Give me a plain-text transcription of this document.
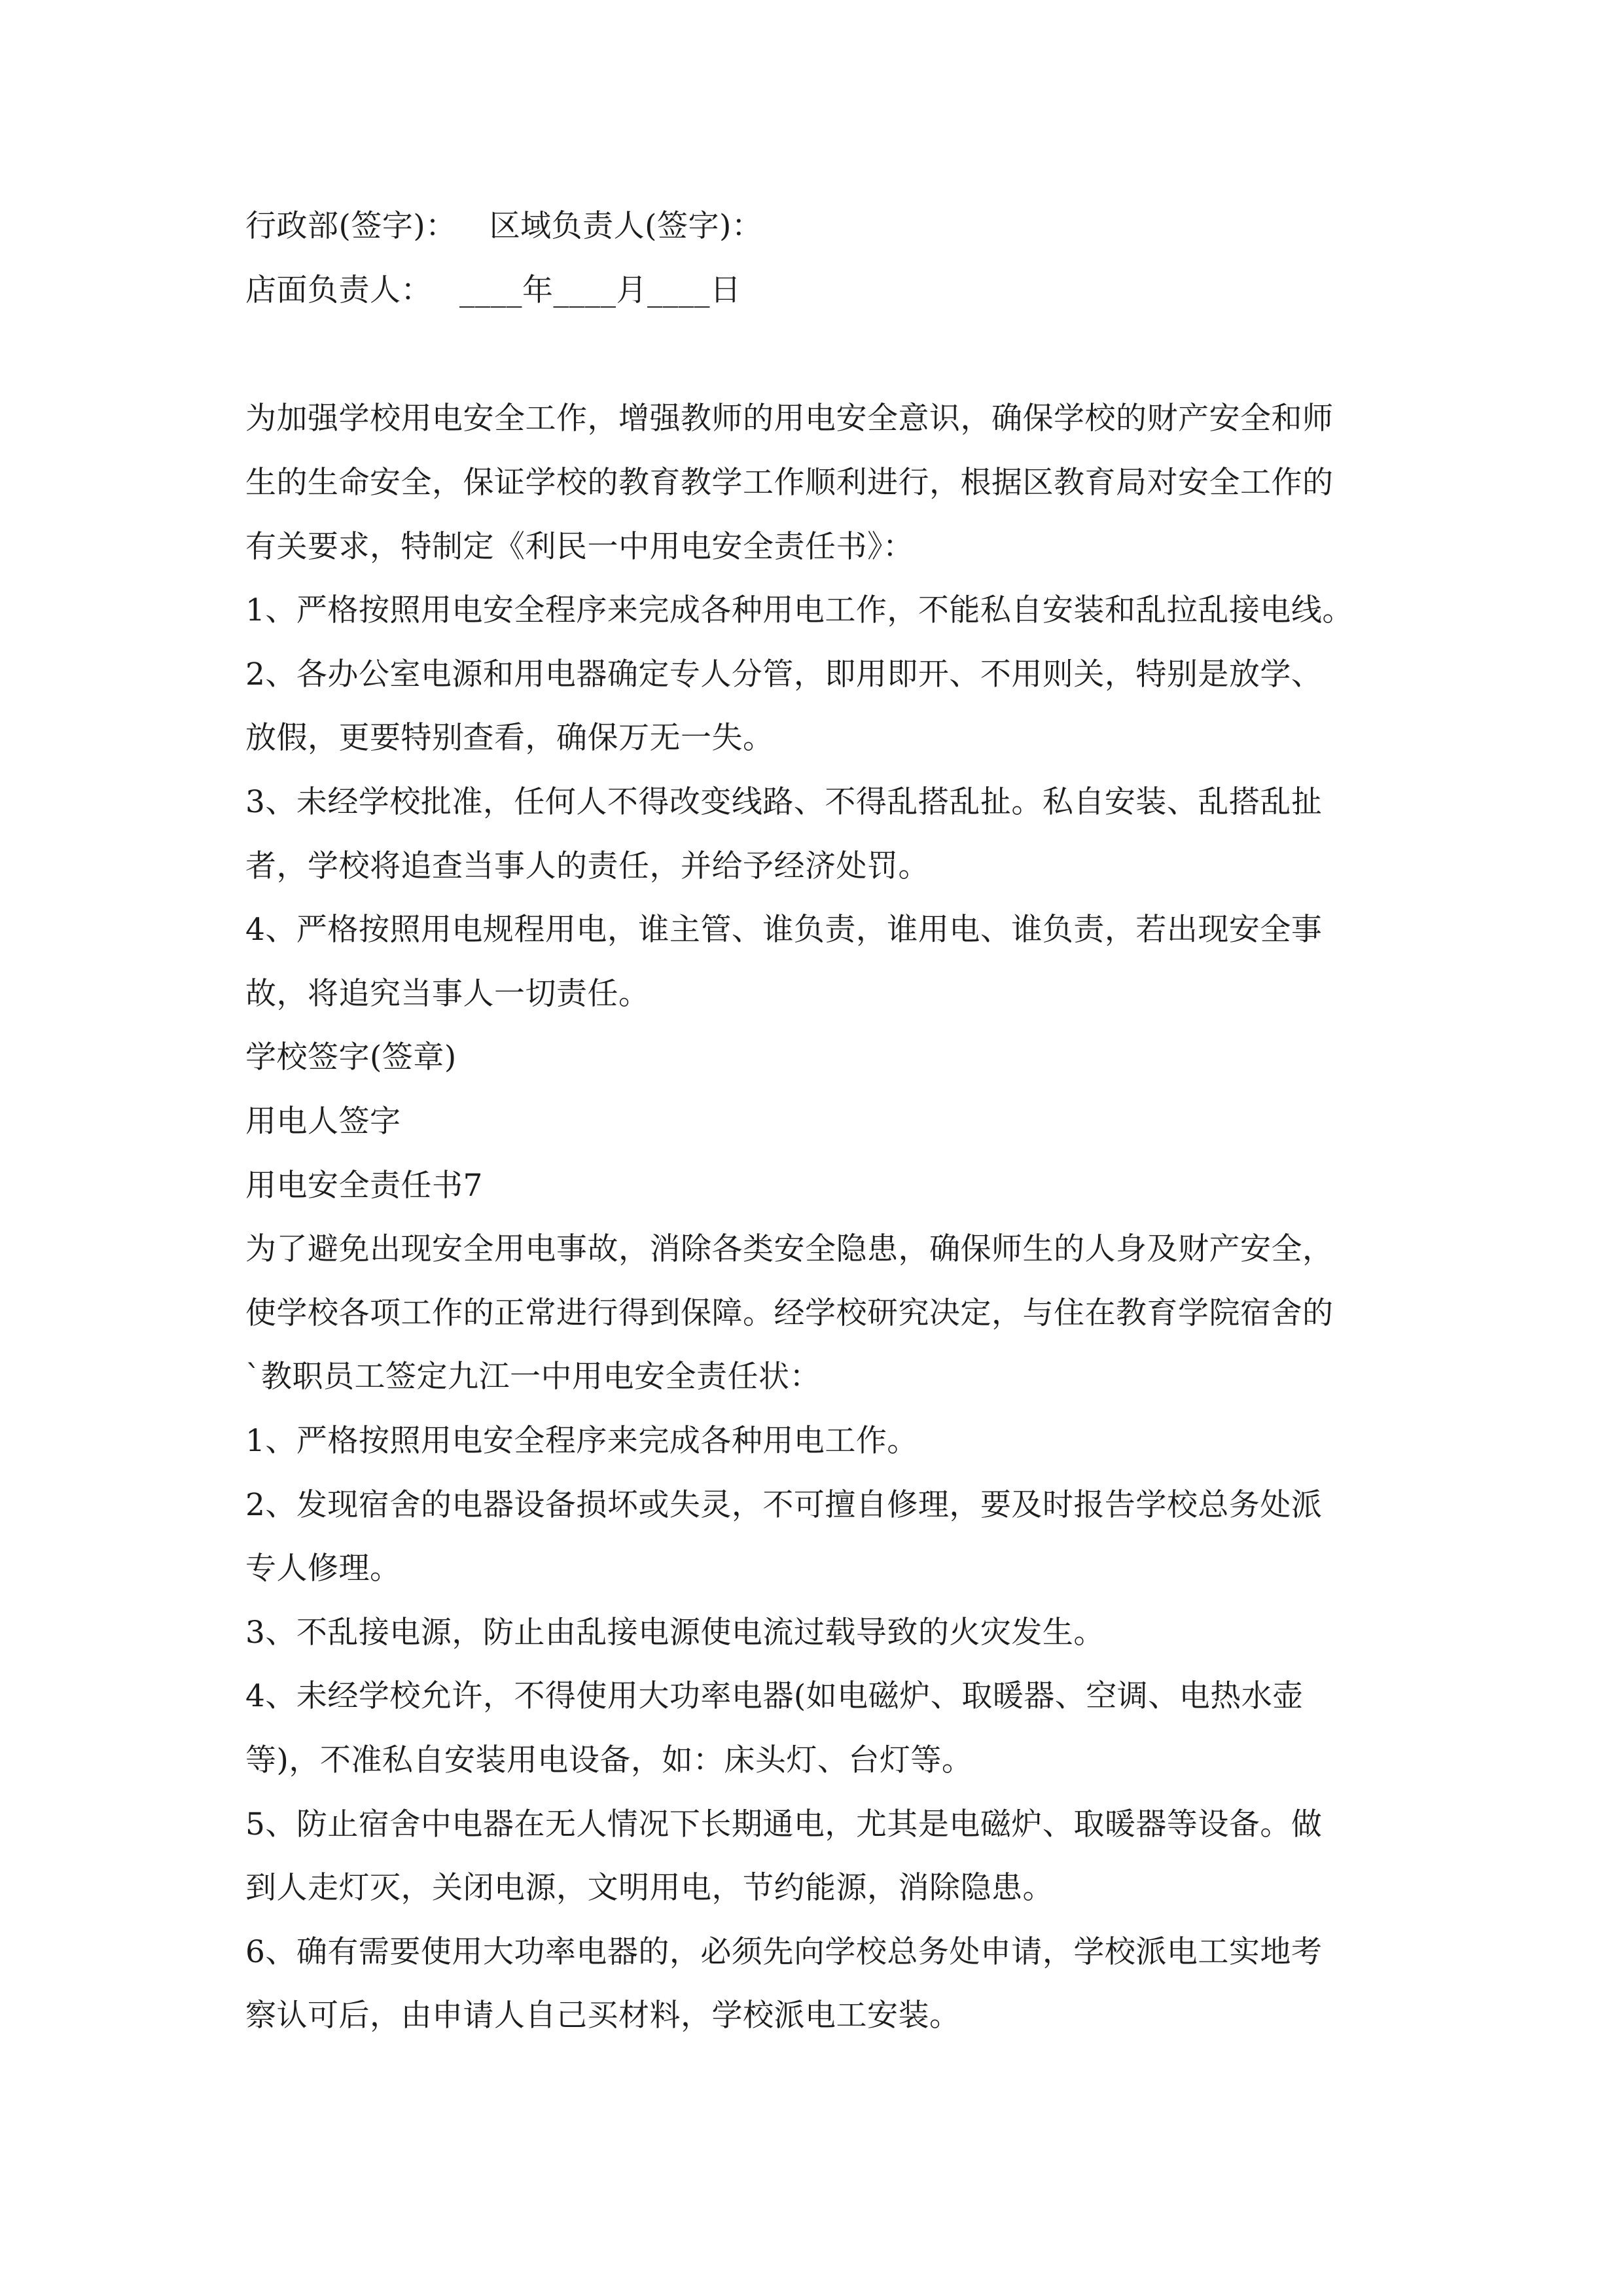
行政部(签字)： 区域负责人(签字)：

店面负责人： ____年____月____日

为加强学校用电安全工作，增强教师的用电安全意识，确保学校的财产安全和师

生的生命安全，保证学校的教育教学工作顺利进行，根据区教育局对安全工作的

有关要求，特制定《利民一中用电安全责任书》：

1、严格按照用电安全程序来完成各种用电工作，不能私自安装和乱拉乱接电线。

2、各办公室电源和用电器确定专人分管，即用即开、不用则关，特别是放学、

放假，更要特别查看，确保万无一失。

3、未经学校批准，任何人不得改变线路、不得乱搭乱扯。私自安装、乱搭乱扯

者，学校将追查当事人的责任，并给予经济处罚。

4、严格按照用电规程用电，谁主管、谁负责，谁用电、谁负责，若出现安全事

故，将追究当事人一切责任。

学校签字(签章)

用电人签字

用电安全责任书7

为了避免出现安全用电事故，消除各类安全隐患，确保师生的人身及财产安全，

使学校各项工作的正常进行得到保障。经学校研究决定，与住在教育学院宿舍的

`教职员工签定九江一中用电安全责任状：

1、严格按照用电安全程序来完成各种用电工作。

2、发现宿舍的电器设备损坏或失灵，不可擅自修理，要及时报告学校总务处派

专人修理。

3、不乱接电源，防止由乱接电源使电流过载导致的火灾发生。

4、未经学校允许，不得使用大功率电器(如电磁炉、取暖器、空调、电热水壶

等)，不准私自安装用电设备，如：床头灯、台灯等。

5、防止宿舍中电器在无人情况下长期通电，尤其是电磁炉、取暖器等设备。做

到人走灯灭，关闭电源，文明用电，节约能源，消除隐患。

6、确有需要使用大功率电器的，必须先向学校总务处申请，学校派电工实地考

察认可后，由申请人自己买材料，学校派电工安装。
